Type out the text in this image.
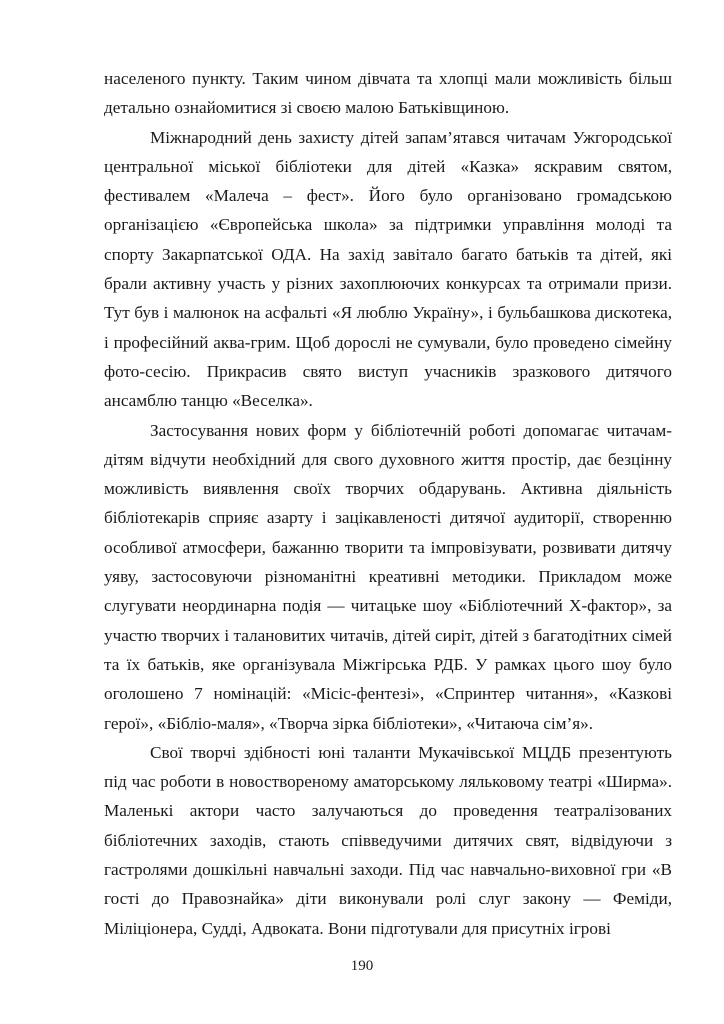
населеного пункту. Таким чином дівчата та хлопці мали можливість більш детально ознайомитися зі своєю малою Батьківщиною.

Міжнародний день захисту дітей запам’ятався читачам Ужгородської центральної міської бібліотеки для дітей «Казка» яскравим святом, фестивалем «Малеча – фест». Його було організовано громадською організацією «Європейська школа» за підтримки управління молоді та спорту Закарпатської ОДА. На захід завітало багато батьків та дітей, які брали активну участь у різних захоплюючих конкурсах та отримали призи. Тут був і малюнок на асфальті «Я люблю Україну», і бульбашкова дискотека, і професійний аква-грим. Щоб дорослі не сумували, було проведено сімейну фото-сесію. Прикрасив свято виступ учасників зразкового дитячого ансамблю танцю «Веселка».

Застосування нових форм у бібліотечній роботі допомагає читачам-дітям відчути необхідний для свого духовного життя простір, дає безцінну можливість виявлення своїх творчих обдарувань. Активна діяльність бібліотекарів сприяє азарту і зацікавленості дитячої аудиторії, створенню особливої атмосфери, бажанню творити та імпровізувати, розвивати дитячу уяву, застосовуючи різноманітні креативні методики. Прикладом може слугувати неординарна подія — читацьке шоу «Бібліотечний Х-фактор», за участю творчих і талановитих читачів, дітей сиріт, дітей з багатодітних сімей та їх батьків, яке організувала Міжгірська РДБ. У рамках цього шоу було оголошено 7 номінацій: «Місіс-фентезі», «Спринтер читання», «Казкові герої», «Бібліо-маля», «Творча зірка бібліотеки», «Читаюча сім’я».

Свої творчі здібності юні таланти Мукачівської МЦДБ презентують під час роботи в новоствореному аматорському ляльковому театрі «Ширма». Маленькі актори часто залучаються до проведення театралізованих бібліотечних заходів, стають співведучими дитячих свят, відвідуючи з гастролями дошкільні навчальні заходи. Під час навчально-виховної гри «В гості до Правознайка» діти виконували ролі слуг закону — Феміди, Міліціонера, Судді, Адвоката. Вони підготували для присутніх ігрові

190
